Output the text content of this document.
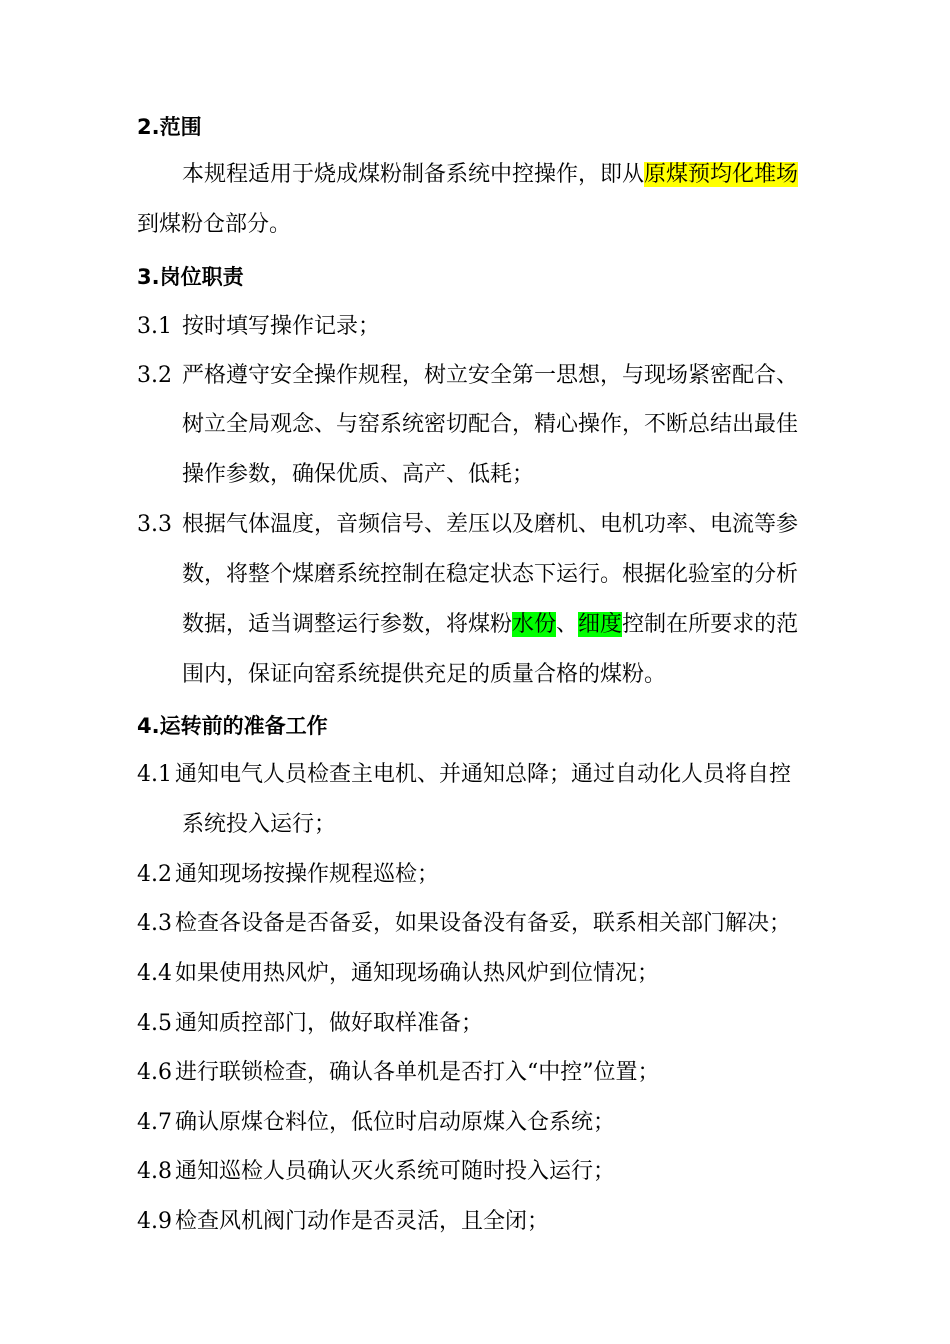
2.范围
本规程适用于烧成煤粉制备系统中控操作，即从原煤预均化堆场
到煤粉仓部分。
3.岗位职责
3.1 按时填写操作记录；
3.2 严格遵守安全操作规程，树立安全第一思想，与现场紧密配合、
树立全局观念、与窑系统密切配合，精心操作，不断总结出最佳
操作参数，确保优质、高产、低耗；
3.3 根据气体温度，音频信号、差压以及磨机、电机功率、电流等参
数，将整个煤磨系统控制在稳定状态下运行。根据化验室的分析
数据，适当调整运行参数，将煤粉水份、细度控制在所要求的范
围内，保证向窑系统提供充足的质量合格的煤粉。
4.运转前的准备工作
4.1 通知电气人员检查主电机、并通知总降；通过自动化人员将自控
系统投入运行；
4.2 通知现场按操作规程巡检；
4.3 检查各设备是否备妥，如果设备没有备妥，联系相关部门解决；
4.4 如果使用热风炉，通知现场确认热风炉到位情况；
4.5 通知质控部门，做好取样准备；
4.6 进行联锁检查，确认各单机是否打入“中控”位置；
4.7 确认原煤仓料位，低位时启动原煤入仓系统；
4.8 通知巡检人员确认灭火系统可随时投入运行；
4.9 检查风机阀门动作是否灵活，且全闭；
